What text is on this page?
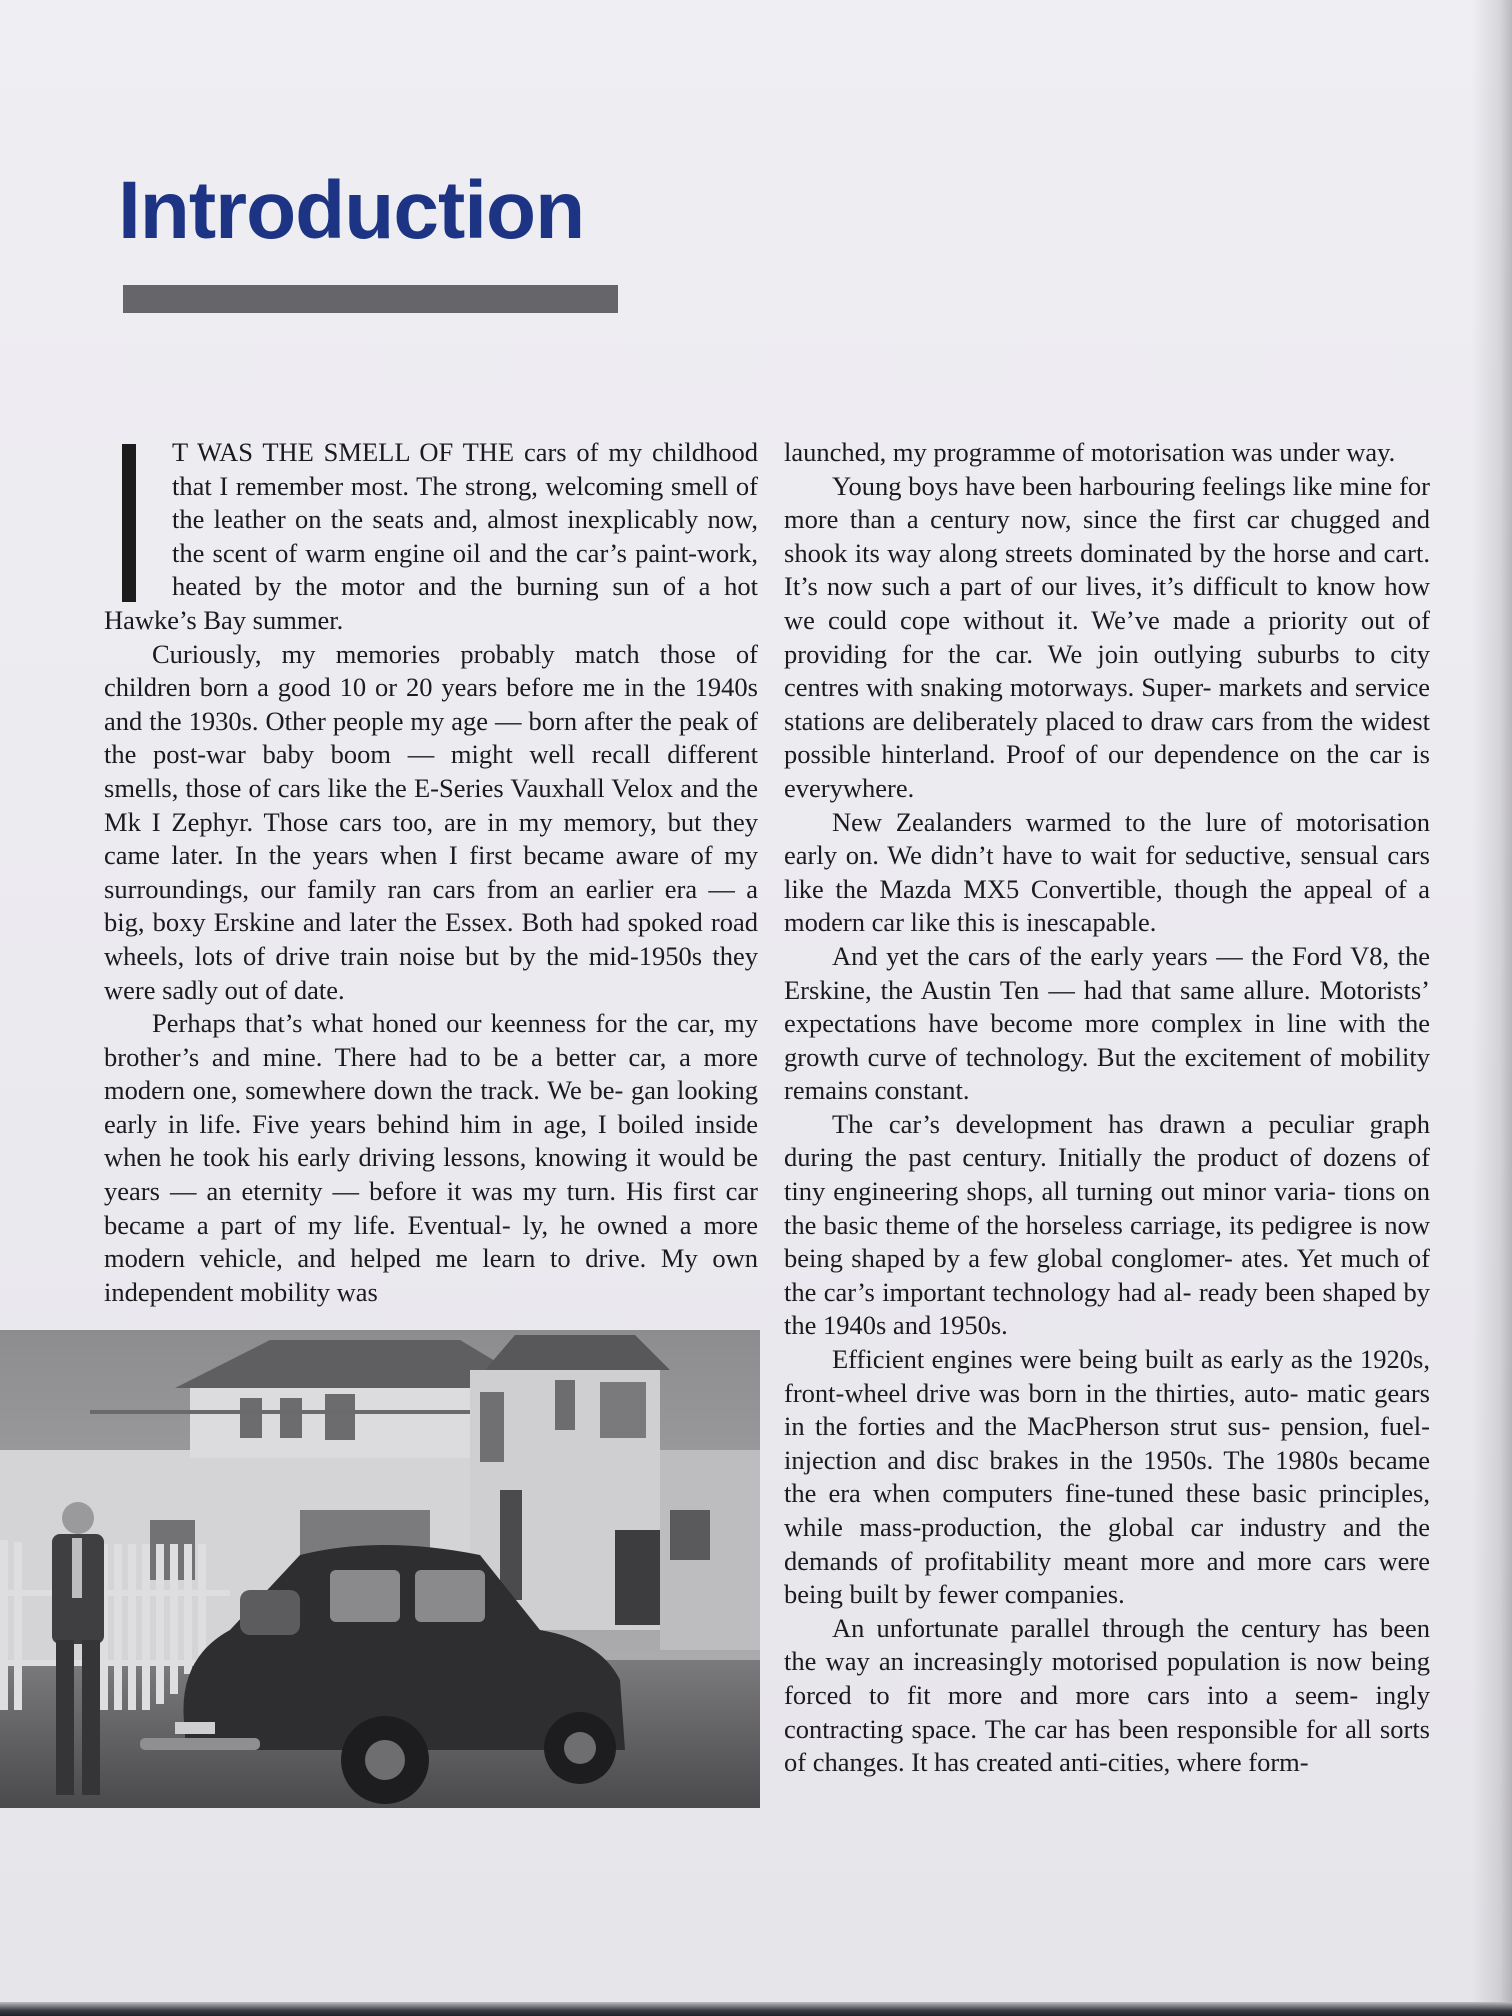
Introduction

T WAS THE SMELL OF THE cars of my childhood that I remember most. The strong, welcoming smell of the leather on the seats and, almost inexplicably now, the scent of warm engine oil and the car’s paint-work, heated by the motor and the burning sun of a hot Hawke’s Bay summer.

Curiously, my memories probably match those of children born a good 10 or 20 years before me in the 1940s and the 1930s. Other people my age — born after the peak of the post-war baby boom — might well recall different smells, those of cars like the E-Series Vauxhall Velox and the Mk I Zephyr. Those cars too, are in my memory, but they came later. In the years when I first became aware of my surroundings, our family ran cars from an earlier era — a big, boxy Erskine and later the Essex. Both had spoked road wheels, lots of drive train noise but by the mid-1950s they were sadly out of date.

Perhaps that’s what honed our keenness for the car, my brother’s and mine. There had to be a better car, a more modern one, somewhere down the track. We be- gan looking early in life. Five years behind him in age, I boiled inside when he took his early driving lessons, knowing it would be years — an eternity — before it was my turn. His first car became a part of my life. Eventual- ly, he owned a more modern vehicle, and helped me learn to drive. My own independent mobility was

launched, my programme of motorisation was under way.

Young boys have been harbouring feelings like mine for more than a century now, since the first car chugged and shook its way along streets dominated by the horse and cart. It’s now such a part of our lives, it’s difficult to know how we could cope without it. We’ve made a priority out of providing for the car. We join outlying suburbs to city centres with snaking motorways. Super- markets and service stations are deliberately placed to draw cars from the widest possible hinterland. Proof of our dependence on the car is everywhere.

New Zealanders warmed to the lure of motorisation early on. We didn’t have to wait for seductive, sensual cars like the Mazda MX5 Convertible, though the appeal of a modern car like this is inescapable.

And yet the cars of the early years — the Ford V8, the Erskine, the Austin Ten — had that same allure. Motorists’ expectations have become more complex in line with the growth curve of technology. But the excitement of mobility remains constant.

The car’s development has drawn a peculiar graph during the past century. Initially the product of dozens of tiny engineering shops, all turning out minor varia- tions on the basic theme of the horseless carriage, its pedigree is now being shaped by a few global conglomer- ates. Yet much of the car’s important technology had al- ready been shaped by the 1940s and 1950s.

Efficient engines were being built as early as the 1920s, front-wheel drive was born in the thirties, auto- matic gears in the forties and the MacPherson strut sus- pension, fuel-injection and disc brakes in the 1950s. The 1980s became the era when computers fine-tuned these basic principles, while mass-production, the global car industry and the demands of profitability meant more and more cars were being built by fewer companies.

An unfortunate parallel through the century has been the way an increasingly motorised population is now being forced to fit more and more cars into a seem- ingly contracting space. The car has been responsible for all sorts of changes. It has created anti-cities, where form-
